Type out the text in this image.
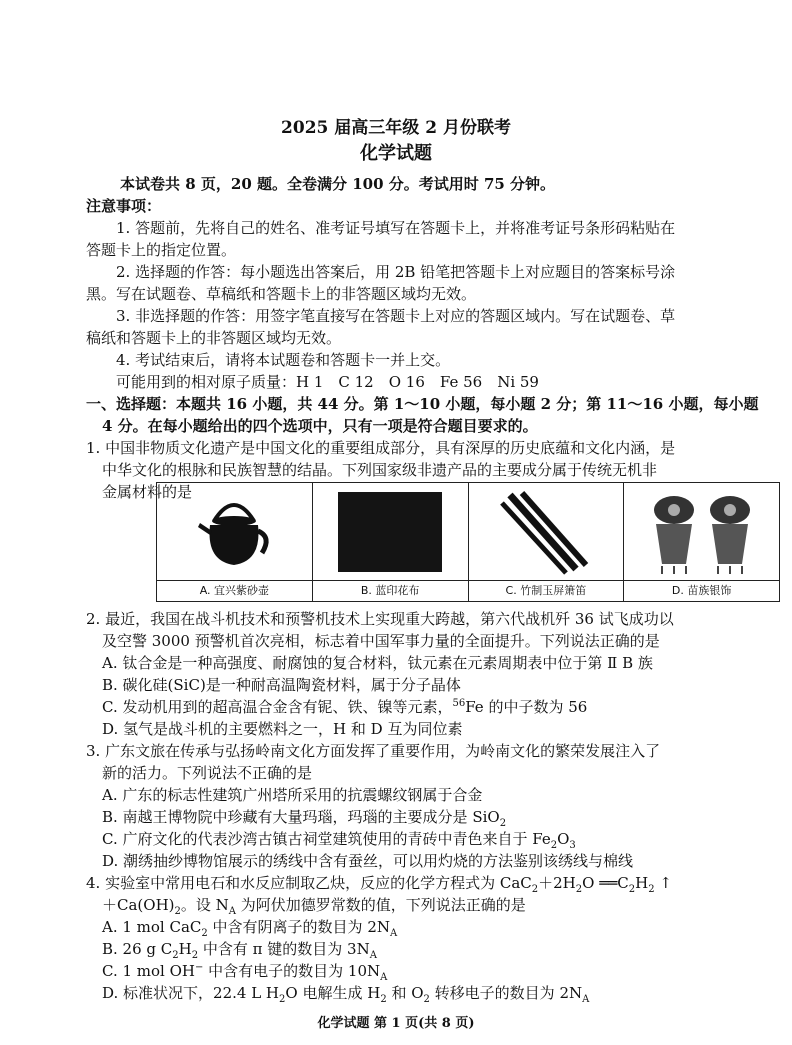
2025 届高三年级 2 月份联考
化学试题
本试卷共 8 页，20 题。全卷满分 100 分。考试用时 75 分钟。
注意事项：
1. 答题前，先将自己的姓名、准考证号填写在答题卡上，并将准考证号条形码粘贴在
答题卡上的指定位置。
2. 选择题的作答：每小题选出答案后，用 2B 铅笔把答题卡上对应题目的答案标号涂
黑。写在试题卷、草稿纸和答题卡上的非答题区域均无效。
3. 非选择题的作答：用签字笔直接写在答题卡上对应的答题区域内。写在试题卷、草
稿纸和答题卡上的非答题区域均无效。
4. 考试结束后，请将本试题卷和答题卡一并上交。
可能用到的相对原子质量：H 1　C 12　O 16　Fe 56　Ni 59
一、选择题：本题共 16 小题，共 44 分。第 1～10 小题，每小题 2 分；第 11～16 小题，每小题
4 分。在每小题给出的四个选项中，只有一项是符合题目要求的。
1. 中国非物质文化遗产是中国文化的重要组成部分，具有深厚的历史底蕴和文化内涵，是
中华文化的根脉和民族智慧的结晶。下列国家级非遗产品的主要成分属于传统无机非
金属材料的是
A. 宜兴紫砂壶	B. 蓝印花布	C. 竹制玉屏箫笛	D. 苗族银饰
2. 最近，我国在战斗机技术和预警机技术上实现重大跨越，第六代战机歼 36 试飞成功以
及空警 3000 预警机首次亮相，标志着中国军事力量的全面提升。下列说法正确的是
A. 钛合金是一种高强度、耐腐蚀的复合材料，钛元素在元素周期表中位于第 Ⅱ B 族
B. 碳化硅(SiC)是一种耐高温陶瓷材料，属于分子晶体
C. 发动机用到的超高温合金含有铌、铁、镍等元素，$^{56}$Fe 的中子数为 56
D. 氢气是战斗机的主要燃料之一，H 和 D 互为同位素
3. 广东文旅在传承与弘扬岭南文化方面发挥了重要作用，为岭南文化的繁荣发展注入了
新的活力。下列说法不正确的是
A. 广东的标志性建筑广州塔所采用的抗震螺纹钢属于合金
B. 南越王博物院中珍藏有大量玛瑙，玛瑙的主要成分是 SiO$_2$
C. 广府文化的代表沙湾古镇古祠堂建筑使用的青砖中青色来自于 $Fe_2O_3$
D. 潮绣抽纱博物馆展示的绣线中含有蚕丝，可以用灼烧的方法鉴别该绣线与棉线
4. 实验室中常用电石和水反应制取乙炔，反应的化学方程式为 $CaC_2+2H_2O$ $══C_2H_2$ ↑
$+Ca(OH)_2$。设 $N_A$ 为阿伏加德罗常数的值，下列说法正确的是
A. 1 mol CaC$_2$ 中含有阴离子的数目为 $2N_A$
B. 26 g $C_2H_2$ 中含有 π 键的数目为 $3N_A$
C. 1 mol OH− 中含有电子的数目为 $10N_A$
D. 标准状况下，22.4 L $H_2O$ 电解生成 $H_2$ 和 $O_2$ 转移电子的数目为 $2N_A$
化学试题 第 1 页(共 8 页)
